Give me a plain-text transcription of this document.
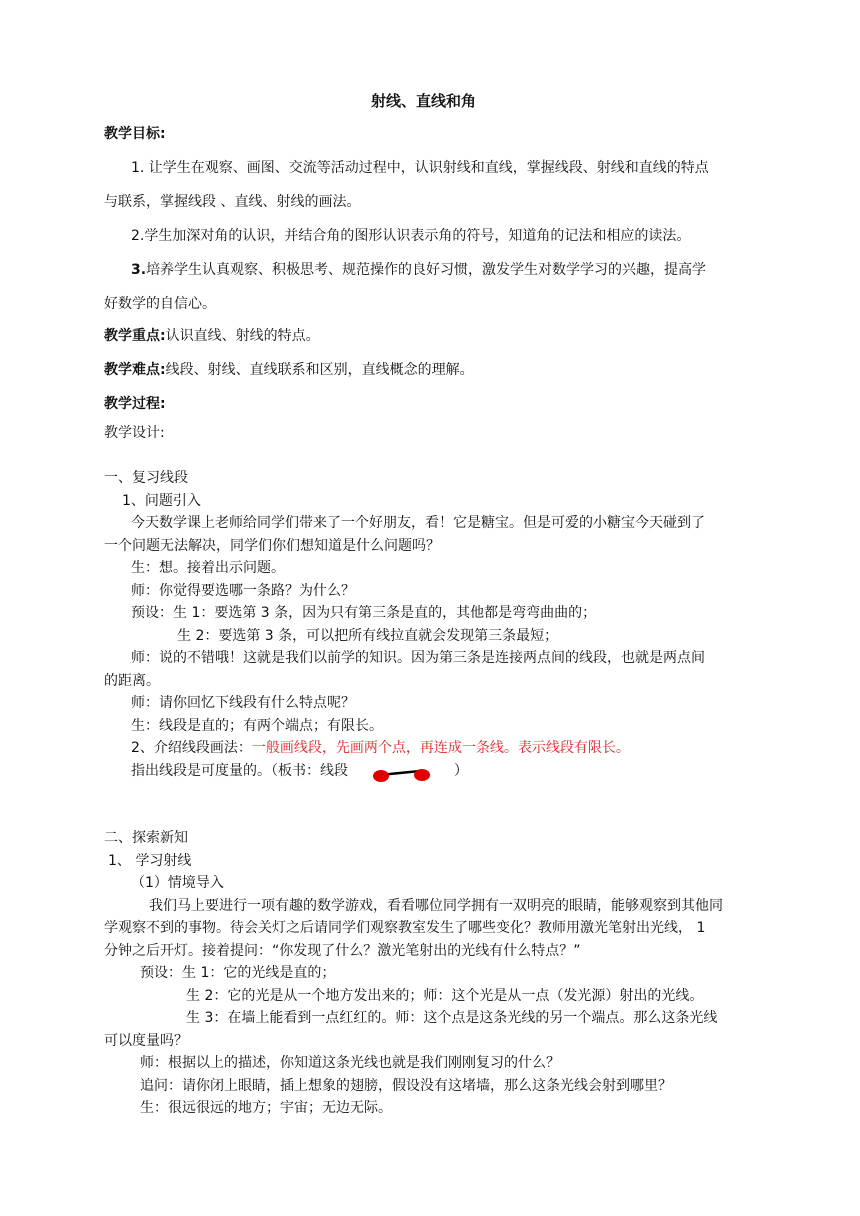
射线、直线和角
教学目标:
1. 让学生在观察、画图、交流等活动过程中，认识射线和直线，掌握线段、射线和直线的特点
与联系，掌握线段 、直线、射线的画法。
2.学生加深对角的认识，并结合角的图形认识表示角的符号，知道角的记法和相应的读法。
3.培养学生认真观察、积极思考、规范操作的良好习惯，激发学生对数学学习的兴趣，提高学
好数学的自信心。
教学重点:认识直线、射线的特点。
教学难点:线段、射线、直线联系和区别，直线概念的理解。
教学过程:
教学设计:
一、复习线段
1、问题引入
今天数学课上老师给同学们带来了一个好朋友，看！它是糖宝。但是可爱的小糖宝今天碰到了
一个问题无法解决，同学们你们想知道是什么问题吗？
生：想。接着出示问题。
师：你觉得要选哪一条路？为什么？
预设：生 1：要选第 3 条，因为只有第三条是直的，其他都是弯弯曲曲的；
生 2：要选第 3 条，可以把所有线拉直就会发现第三条最短；
师：说的不错哦！这就是我们以前学的知识。因为第三条是连接两点间的线段，也就是两点间
的距离。
师：请你回忆下线段有什么特点呢？
生：线段是直的；有两个端点；有限长。
2、介绍线段画法：一般画线段，先画两个点，再连成一条线。表示线段有限长。
指出线段是可度量的。（板书：线段	）
二、探索新知
1、 学习射线
（1）情境导入
我们马上要进行一项有趣的数学游戏，看看哪位同学拥有一双明亮的眼睛，能够观察到其他同
学观察不到的事物。待会关灯之后请同学们观察教室发生了哪些变化？教师用激光笔射出光线， 1
分钟之后开灯。接着提问：“你发现了什么？激光笔射出的光线有什么特点？”
预设：生 1：它的光线是直的；
生 2：它的光是从一个地方发出来的；师：这个光是从一点（发光源）射出的光线。
生 3：在墙上能看到一点红红的。师：这个点是这条光线的另一个端点。那么这条光线
可以度量吗？
师：根据以上的描述，你知道这条光线也就是我们刚刚复习的什么？
追问：请你闭上眼睛，插上想象的翅膀，假设没有这堵墙，那么这条光线会射到哪里？
生：很远很远的地方；宇宙；无边无际。
